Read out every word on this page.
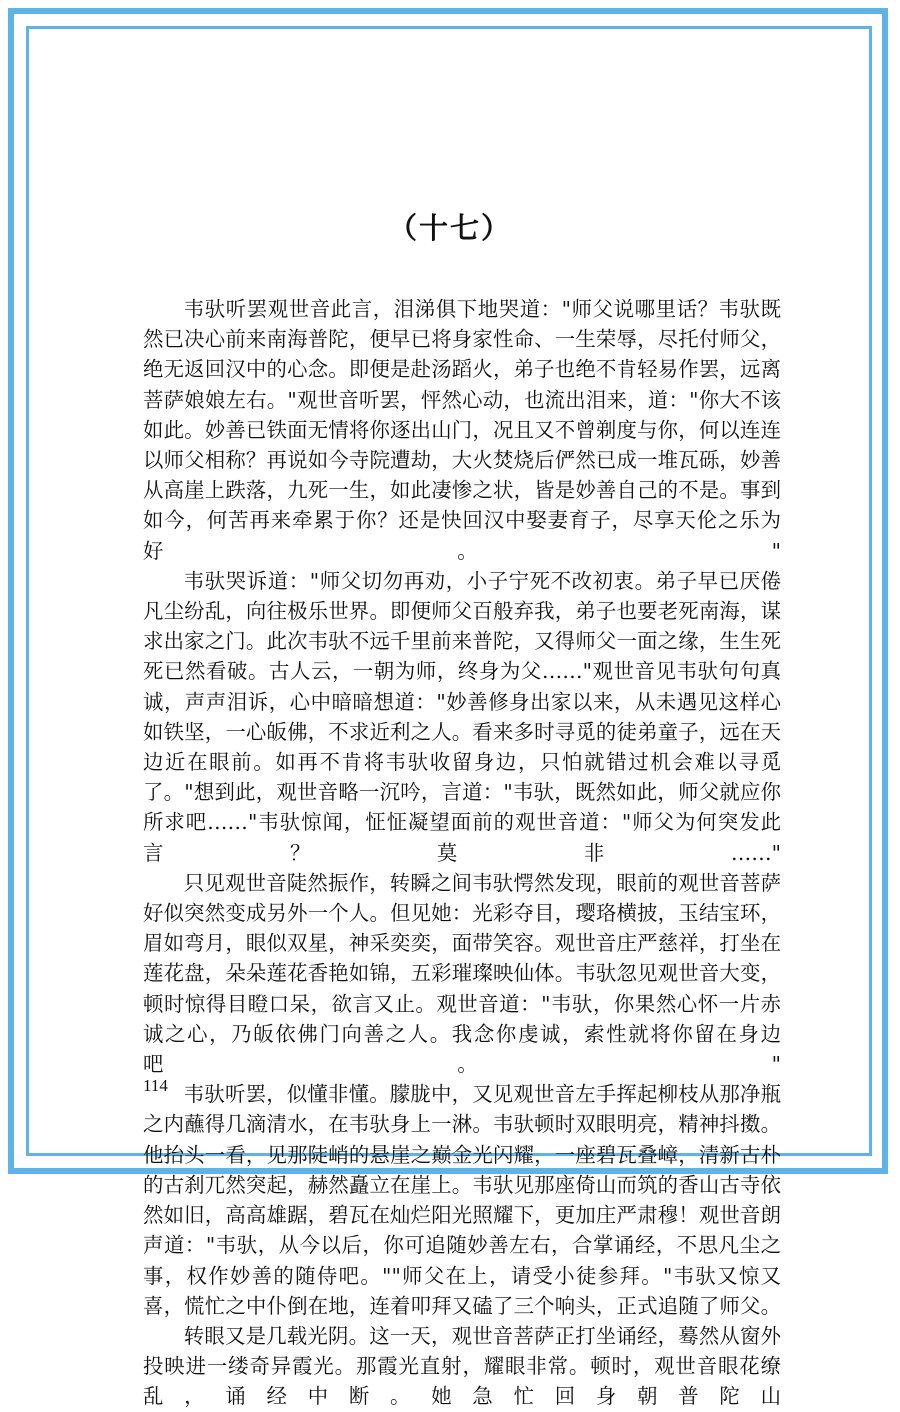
（十七）

韦驮听罢观世音此言，泪涕俱下地哭道："师父说哪里话？韦驮既然已决心前来南海普陀，便早已将身家性命、一生荣辱，尽托付师父，绝无返回汉中的心念。即便是赴汤蹈火，弟子也绝不肯轻易作罢，远离菩萨娘娘左右。"观世音听罢，怦然心动，也流出泪来，道："你大不该如此。妙善已铁面无情将你逐出山门，况且又不曾剃度与你，何以连连以师父相称？再说如今寺院遭劫，大火焚烧后俨然已成一堆瓦砾，妙善从高崖上跌落，九死一生，如此凄惨之状，皆是妙善自己的不是。事到如今，何苦再来牵累于你？还是快回汉中娶妻育子，尽享天伦之乐为好。"

韦驮哭诉道："师父切勿再劝，小子宁死不改初衷。弟子早已厌倦凡尘纷乱，向往极乐世界。即便师父百般弃我，弟子也要老死南海，谋求出家之门。此次韦驮不远千里前来普陀，又得师父一面之缘，生生死死已然看破。古人云，一朝为师，终身为父……"观世音见韦驮句句真诚，声声泪诉，心中暗暗想道："妙善修身出家以来，从未遇见这样心如铁坚，一心皈佛，不求近利之人。看来多时寻觅的徒弟童子，远在天边近在眼前。如再不肯将韦驮收留身边，只怕就错过机会难以寻觅了。"想到此，观世音略一沉吟，言道："韦驮，既然如此，师父就应你所求吧……"韦驮惊闻，怔怔凝望面前的观世音道："师父为何突发此言？莫非……"

只见观世音陡然振作，转瞬之间韦驮愕然发现，眼前的观世音菩萨好似突然变成另外一个人。但见她：光彩夺目，璎珞横披，玉结宝环，眉如弯月，眼似双星，神采奕奕，面带笑容。观世音庄严慈祥，打坐在莲花盘，朵朵莲花香艳如锦，五彩璀璨映仙体。韦驮忽见观世音大变，顿时惊得目瞪口呆，欲言又止。观世音道："韦驮，你果然心怀一片赤诚之心，乃皈依佛门向善之人。我念你虔诚，索性就将你留在身边吧。"

韦驮听罢，似懂非懂。朦胧中，又见观世音左手挥起柳枝从那净瓶之内蘸得几滴清水，在韦驮身上一淋。韦驮顿时双眼明亮，精神抖擞。他抬头一看，见那陡峭的悬崖之巅金光闪耀，一座碧瓦叠嶂，清新古朴的古刹兀然突起，赫然矗立在崖上。韦驮见那座倚山而筑的香山古寺依然如旧，高高雄踞，碧瓦在灿烂阳光照耀下，更加庄严肃穆！观世音朗声道："韦驮，从今以后，你可追随妙善左右，合掌诵经，不思凡尘之事，权作妙善的随侍吧。""师父在上，请受小徒参拜。"韦驮又惊又喜，慌忙之中仆倒在地，连着叩拜又磕了三个响头，正式追随了师父。

转眼又是几载光阴。这一天，观世音菩萨正打坐诵经，蓦然从窗外投映进一缕奇异霞光。那霞光直射，耀眼非常。顿时，观世音眼花缭乱，诵经中断。她急忙回身朝普陀山

114
